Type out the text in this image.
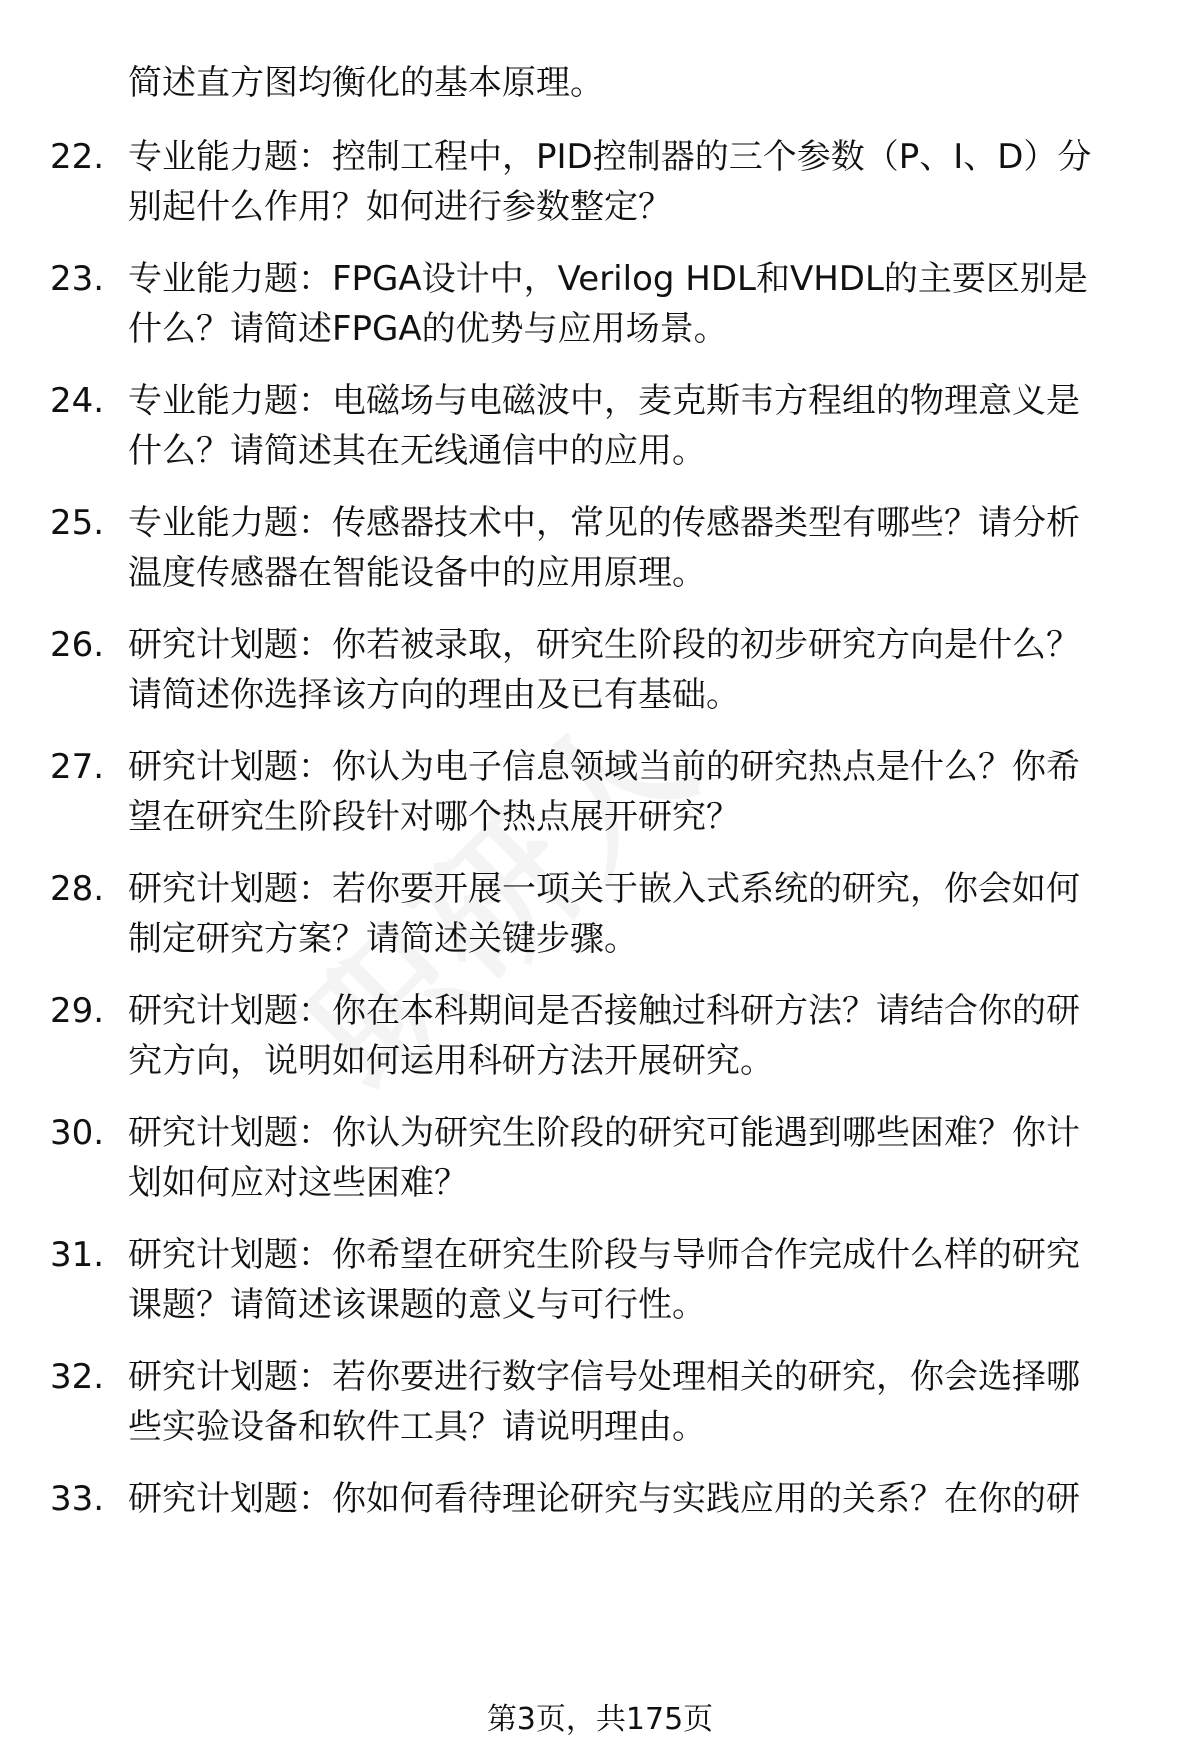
简述直方图均衡化的基本原理。
22. 专业能力题：控制工程中，PID控制器的三个参数（P、I、D）分
别起什么作用？如何进行参数整定？
23. 专业能力题：FPGA设计中，Verilog HDL和VHDL的主要区别是
什么？请简述FPGA的优势与应用场景。
24. 专业能力题：电磁场与电磁波中，麦克斯韦方程组的物理意义是
什么？请简述其在无线通信中的应用。
25. 专业能力题：传感器技术中，常见的传感器类型有哪些？请分析
温度传感器在智能设备中的应用原理。
26. 研究计划题：你若被录取，研究生阶段的初步研究方向是什么？
请简述你选择该方向的理由及已有基础。
27. 研究计划题：你认为电子信息领域当前的研究热点是什么？你希
望在研究生阶段针对哪个热点展开研究？
28. 研究计划题：若你要开展一项关于嵌入式系统的研究，你会如何
制定研究方案？请简述关键步骤。
29. 研究计划题：你在本科期间是否接触过科研方法？请结合你的研
究方向，说明如何运用科研方法开展研究。
30. 研究计划题：你认为研究生阶段的研究可能遇到哪些困难？你计
划如何应对这些困难？
31. 研究计划题：你希望在研究生阶段与导师合作完成什么样的研究
课题？请简述该课题的意义与可行性。
32. 研究计划题：若你要进行数字信号处理相关的研究，你会选择哪
些实验设备和软件工具？请说明理由。
33. 研究计划题：你如何看待理论研究与实践应用的关系？在你的研
第3页，共175页
